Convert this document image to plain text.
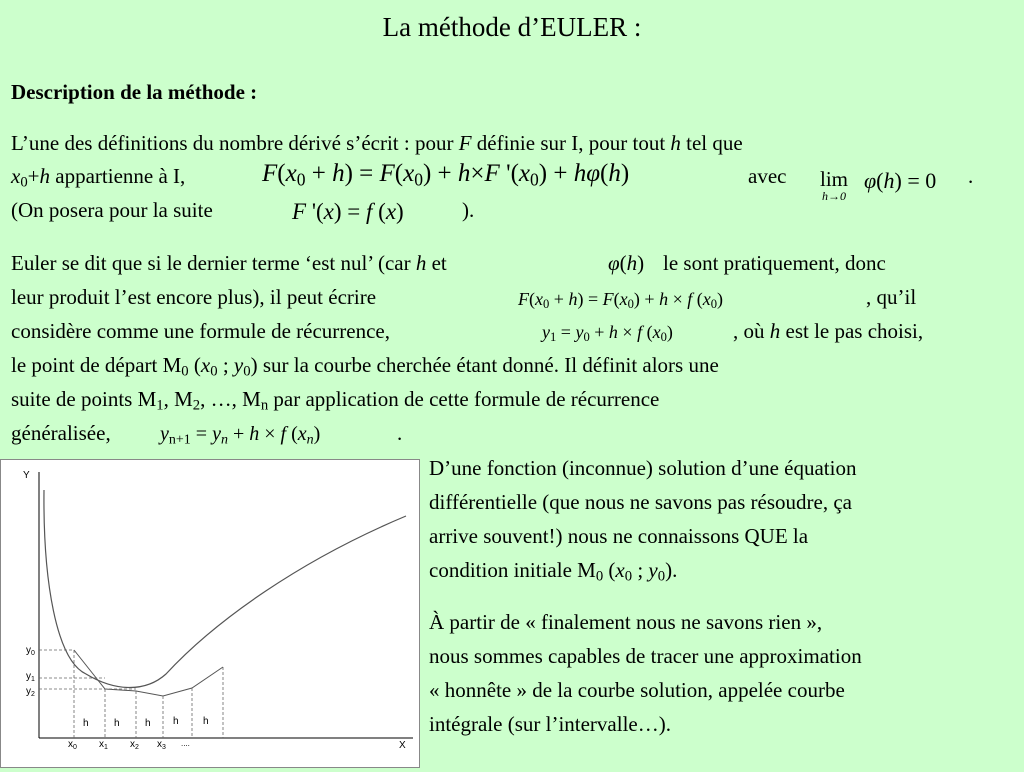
La méthode d’EULER :
Description de la méthode :
L’une des définitions du nombre dérivé s’écrit : pour F définie sur I, pour tout h tel que
$x_0+h$ appartienne à I,	$F(x_0 + h) = F(x_0) + h\times F$ '$(x_0) + h\varphi(h)$	avec	lim
h→0
φ(h) = 0 .
(On posera pour la suite	F '(x) = f (x)	).
Euler se dit que si le dernier terme ‘est nul’ (car h et	φ(h) le sont pratiquement, donc
leur produit l’est encore plus), il peut écrire	$F(x_0 + h) = F(x_0) + h \times f$ $(x_0)$	, qu’il
considère comme une formule de récurrence,	$y_1 = y_0 + h \times f$ $(x_0)$	, où h est le pas choisi,
le point de départ $M_0$ ($x_0$ ; $y_0$) sur la courbe cherchée étant donné. Il définit alors une
suite de points $M_1$, $M_2$, …, $M_n$ par application de cette formule de récurrence
généralisée, $y_{n+1} = y_n + h \times f$ $(x_n)$	.
D’une fonction (inconnue) solution d’une équation
différentielle (que nous ne savons pas résoudre, ça
arrive souvent!) nous ne connaissons QUE la
condition initiale $M_0$ ($x_0$ ; $y_0$).
À partir de « finalement nous ne savons rien »,
nous sommes capables de tracer une approximation
« honnête » de la courbe solution, appelée courbe
intégrale (sur l’intervalle…).
Y
X
$y_0$
$y_1$
$y_2$
h	h	h h h
$x_0$ $x_1$ $x_2$ $x_3$ ....
